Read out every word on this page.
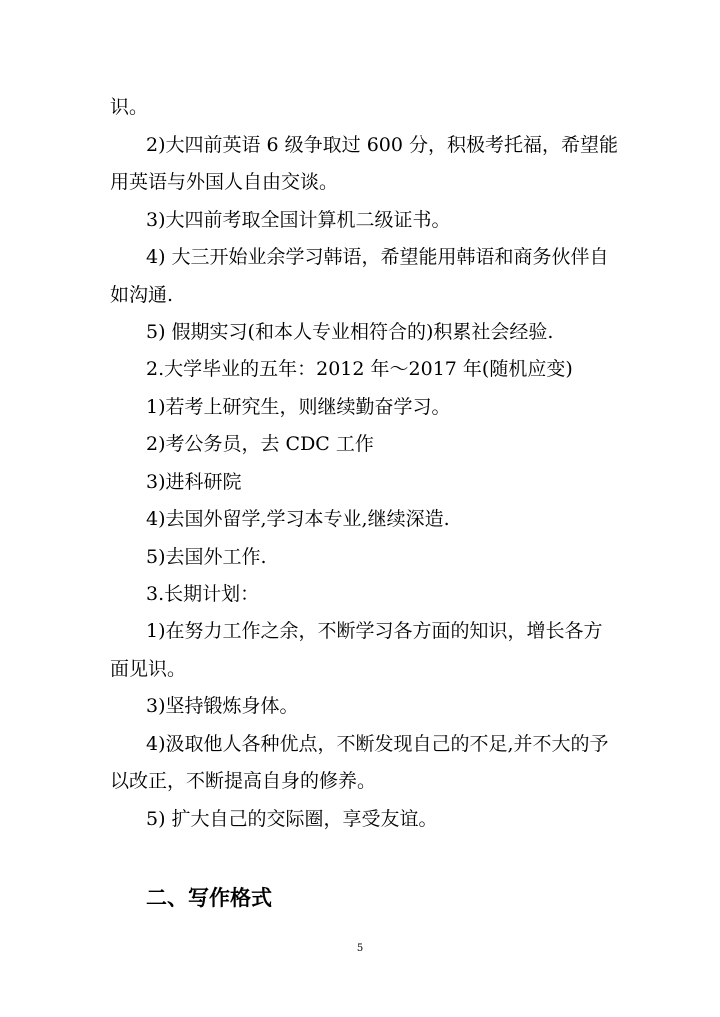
识。

2)大四前英语 6 级争取过 600 分，积极考托福，希望能

用英语与外国人自由交谈。

3)大四前考取全国计算机二级证书。

4) 大三开始业余学习韩语，希望能用韩语和商务伙伴自

如沟通.

5) 假期实习(和本人专业相符合的)积累社会经验.

2.大学毕业的五年：2012 年～2017 年(随机应变)

1)若考上研究生，则继续勤奋学习。

2)考公务员，去 CDC 工作

3)进科研院

4)去国外留学,学习本专业,继续深造.

5)去国外工作.

3.长期计划：

1)在努力工作之余，不断学习各方面的知识，增长各方

面见识。

3)坚持锻炼身体。

4)汲取他人各种优点，不断发现自己的不足,并不大的予

以改正，不断提高自身的修养。

5) 扩大自己的交际圈，享受友谊。

二、写作格式
5
